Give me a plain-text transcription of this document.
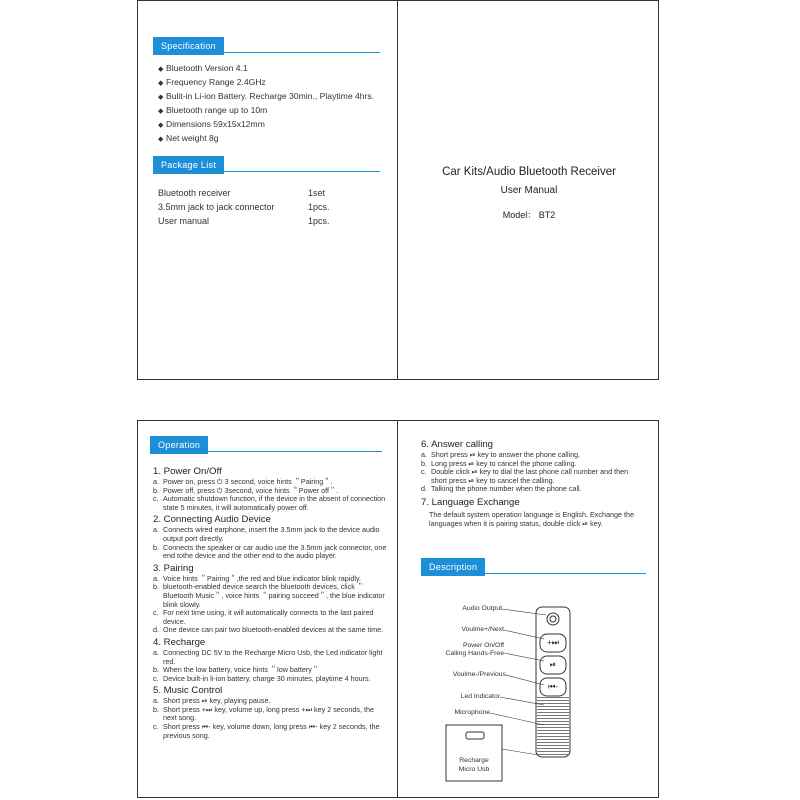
Specification
◆ Bluetooth Version 4.1
◆ Frequency Range 2.4GHz
◆ Bulit-in Li-ion Battery. Recharge 30min., Playtime 4hrs.
◆ Bluetooth range up to 10m
◆ Dimensions 59x15x12mm
◆ Net weight 8g
Package List
Bluetooth receiver	1set
3.5mm jack to jack connector	1pcs.
User manual	1pcs.
Car Kits/Audio Bluetooth Receiver
User Manual
Model： BT2
Operation
1. Power On/Off

a. Power on, press ⏻ 3 second, voice hints ＂Pairing＂.

b. Power off, press ⏻ 3second, voice hints ＂Power off＂.

c. Automatic shutdown function, if the device in the absent of connection state 5 minutes, it will automatically power off.

2. Connecting Audio Device

a. Connects wired earphone, insert the 3.5mm jack to the device audio output port directly.

b. Connects the speaker or car audio use the 3.5mm jack connector, one end tothe device and the other end to the audio player.

3. Pairing

a. Voice hints ＂Pairing＂,the red and blue indicator blink rapidly.

b. bluetooth-enabled device search the bluetooth devices, click ＂Bluetooth Music＂, voice hints ＂pairing succeed＂, the blue indicator blink slowly.

c. For next time using, it will automatically connects to the last paired device.

d. One device can pair two bluetooth-enabled devices at the same time.

4. Recharge

a. Connecting DC 5V to the Recharge Micro Usb, the Led indicator light red.

b. When the low battery, voice hints ＂low battery＂

c. Device built-in li-ion battery, charge 30 minutes, playtime 4 hours.

5. Music Control

a. Short press ⏯ key, playing pause.

b. Short press +⏭ key, volume up, long press +⏭ key 2 seconds, the next song.

c. Short press ⏮- key, volume down, long press ⏮- key 2 seconds, the previous song.

6. Answer calling

a. Short press ⏯ key to answer the phone calling.

b. Long press ⏯ key to cancel the phone calling.

c. Double click ⏯ key to dial the last phone call number and then short press ⏯ key to cancel the calling.

d. Talking the phone number when the phone call.

7. Language Exchange

The default system operation language is English. Exchange the languages when it is pairing status, double click ⏯ key.

Description
+⏭
⏯
⏮-
Audio Output
Voulme+/Next
Power On/Off
Calling Hands-Free
Voulme-/Previous
Led Indicator
Microphone
Recharge
Micro Usb
